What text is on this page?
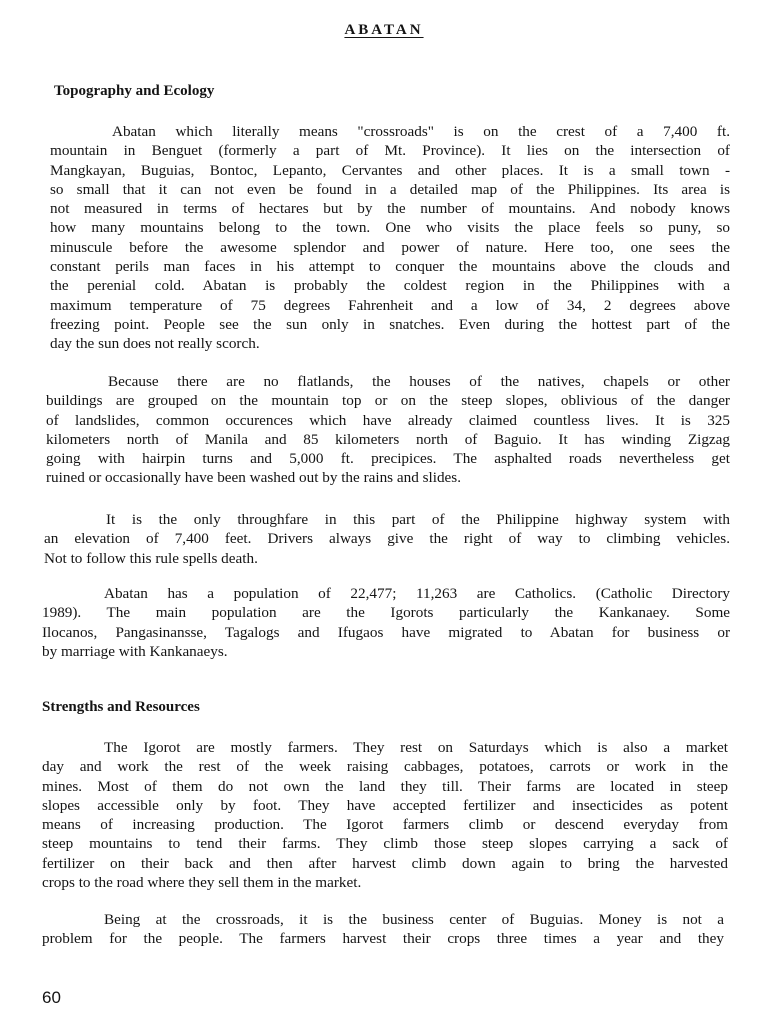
ABATAN
Topography and Ecology
Abatan which literally means "crossroads" is on the crest of a 7,400 ft.
mountain in Benguet (formerly a part of Mt. Province). It lies on the intersection of
Mangkayan, Buguias, Bontoc, Lepanto, Cervantes and other places. It is a small town -
so small that it can not even be found in a detailed map of the Philippines. Its area is
not measured in terms of hectares but by the number of mountains. And nobody knows
how many mountains belong to the town. One who visits the place feels so puny, so
minuscule before the awesome splendor and power of nature. Here too, one sees the
constant perils man faces in his attempt to conquer the mountains above the clouds and
the perenial cold. Abatan is probably the coldest region in the Philippines with a
maximum temperature of 75 degrees Fahrenheit and a low of 34, 2 degrees above
freezing point. People see the sun only in snatches. Even during the hottest part of the
day the sun does not really scorch.
Because there are no flatlands, the houses of the natives, chapels or other
buildings are grouped on the mountain top or on the steep slopes, oblivious of the danger
of landslides, common occurences which have already claimed countless lives. It is 325
kilometers north of Manila and 85 kilometers north of Baguio. It has winding Zigzag
going with hairpin turns and 5,000 ft. precipices. The asphalted roads nevertheless get
ruined or occasionally have been washed out by the rains and slides.
It is the only throughfare in this part of the Philippine highway system with
an elevation of 7,400 feet. Drivers always give the right of way to climbing vehicles.
Not to follow this rule spells death.
Abatan has a population of 22,477; 11,263 are Catholics. (Catholic Directory
1989). The main population are the Igorots particularly the Kankanaey. Some
Ilocanos, Pangasinansse, Tagalogs and Ifugaos have migrated to Abatan for business or
by marriage with Kankanaeys.
Strengths and Resources
The Igorot are mostly farmers. They rest on Saturdays which is also a market
day and work the rest of the week raising cabbages, potatoes, carrots or work in the
mines. Most of them do not own the land they till. Their farms are located in steep
slopes accessible only by foot. They have accepted fertilizer and insecticides as potent
means of increasing production. The Igorot farmers climb or descend everyday from
steep mountains to tend their farms. They climb those steep slopes carrying a sack of
fertilizer on their back and then after harvest climb down again to bring the harvested
crops to the road where they sell them in the market.
Being at the crossroads, it is the business center of Buguias. Money is not a
problem for the people. The farmers harvest their crops three times a year and they

60
